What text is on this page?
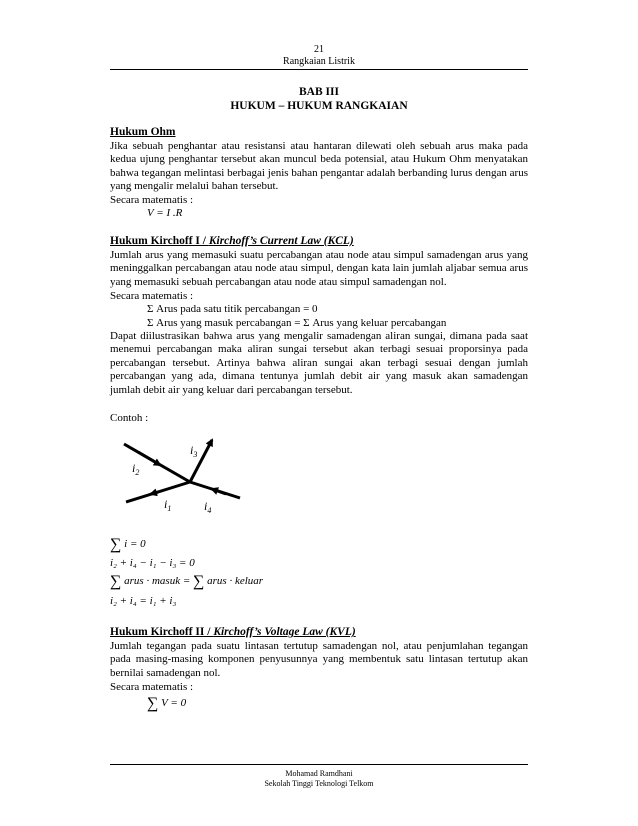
21
Rangkaian Listrik
BAB III
HUKUM – HUKUM RANGKAIAN
Hukum Ohm
Jika sebuah penghantar atau resistansi atau hantaran dilewati oleh sebuah arus maka pada kedua ujung penghantar tersebut akan muncul beda potensial, atau Hukum Ohm menyatakan bahwa tegangan melintasi berbagai jenis bahan pengantar adalah berbanding lurus dengan arus yang mengalir melalui bahan tersebut.
Secara matematis :
V = I .R
Hukum Kirchoff I / Kirchoff’s Current Law (KCL)
Jumlah arus yang memasuki suatu percabangan atau node atau simpul samadengan arus yang meninggalkan percabangan atau node atau simpul, dengan kata lain jumlah aljabar semua arus yang memasuki sebuah percabangan atau node atau simpul samadengan nol.
Secara matematis :
Σ Arus pada satu titik percabangan = 0
Σ Arus yang masuk percabangan = Σ Arus yang keluar percabangan
Dapat diilustrasikan bahwa arus yang mengalir samadengan aliran sungai, dimana pada saat menemui percabangan maka aliran sungai tersebut akan terbagi sesuai proporsinya pada percabangan tersebut. Artinya bahwa aliran sungai akan terbagi sesuai dengan jumlah percabangan yang ada, dimana tentunya jumlah debit air yang masuk akan samadengan jumlah debit air yang keluar dari percabangan tersebut.
Contoh :
$i_2$
$i_3$
$i_1$	$i_4$
∑ i = 0
i₂ + i₄ − i₁ − i₃ = 0
∑ arus · masuk = ∑ arus · keluar
i₂ + i₄ = i₁ + i₃
Hukum Kirchoff II / Kirchoff’s Voltage Law (KVL)
Jumlah tegangan pada suatu lintasan tertutup samadengan nol, atau penjumlahan tegangan pada masing-masing komponen penyusunnya yang membentuk satu lintasan tertutup akan bernilai samadengan nol.
Secara matematis :
∑ V = 0
Mohamad Ramdhani
Sekolah Tinggi Teknologi Telkom
